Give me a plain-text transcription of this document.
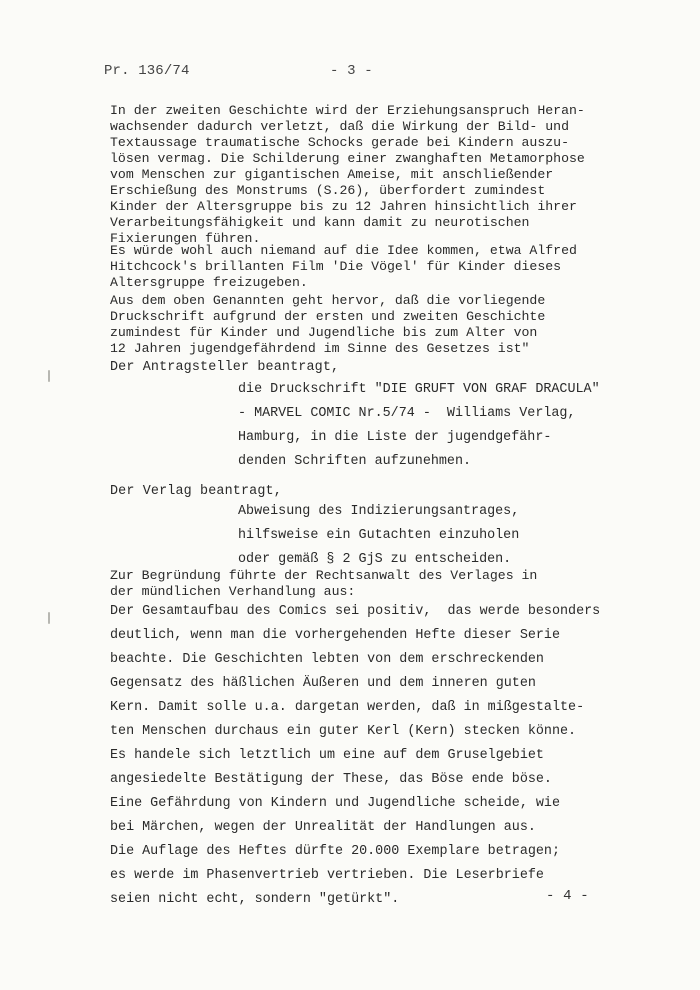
Pr. 136/74	- 3 -
In der zweiten Geschichte wird der Erziehungsanspruch Heran-
wachsender dadurch verletzt, daß die Wirkung der Bild- und
Textaussage traumatische Schocks gerade bei Kindern auszu-
lösen vermag. Die Schilderung einer zwanghaften Metamorphose
vom Menschen zur gigantischen Ameise, mit anschließender
Erschießung des Monstrums (S.26), überfordert zumindest
Kinder der Altersgruppe bis zu 12 Jahren hinsichtlich ihrer
Verarbeitungsfähigkeit und kann damit zu neurotischen
Fixierungen führen.
Es würde wohl auch niemand auf die Idee kommen, etwa Alfred
Hitchcock's brillanten Film 'Die Vögel' für Kinder dieses
Altersgruppe freizugeben.
Aus dem oben Genannten geht hervor, daß die vorliegende
Druckschrift aufgrund der ersten und zweiten Geschichte
zumindest für Kinder und Jugendliche bis zum Alter von
12 Jahren jugendgefährdend im Sinne des Gesetzes ist"
Der Antragsteller beantragt,
die Druckschrift "DIE GRUFT VON GRAF DRACULA"
- MARVEL COMIC Nr.5/74 -  Williams Verlag,
Hamburg, in die Liste der jugendgefähr-
denden Schriften aufzunehmen.
Der Verlag beantragt,
Abweisung des Indizierungsantrages,
hilfsweise ein Gutachten einzuholen
oder gemäß § 2 GjS zu entscheiden.
Zur Begründung führte der Rechtsanwalt des Verlages in
der mündlichen Verhandlung aus:
Der Gesamtaufbau des Comics sei positiv,  das werde besonders
deutlich, wenn man die vorhergehenden Hefte dieser Serie
beachte. Die Geschichten lebten von dem erschreckenden
Gegensatz des häßlichen Äußeren und dem inneren guten
Kern. Damit solle u.a. dargetan werden, daß in mißgestalte-
ten Menschen durchaus ein guter Kerl (Kern) stecken könne.
Es handele sich letztlich um eine auf dem Gruselgebiet
angesiedelte Bestätigung der These, das Böse ende böse.
Eine Gefährdung von Kindern und Jugendliche scheide, wie
bei Märchen, wegen der Unrealität der Handlungen aus.
Die Auflage des Heftes dürfte 20.000 Exemplare betragen;
es werde im Phasenvertrieb vertrieben. Die Leserbriefe
seien nicht echt, sondern "getürkt".	- 4 -
